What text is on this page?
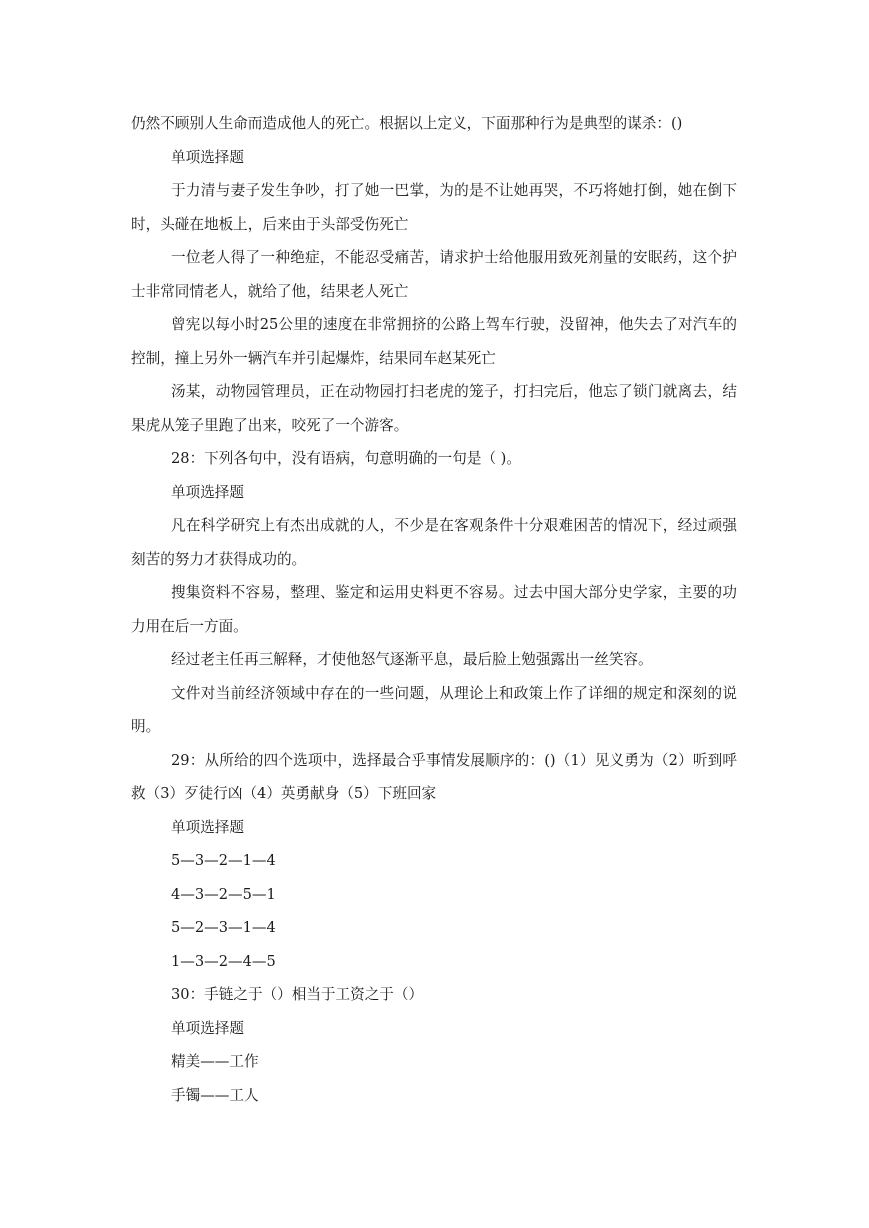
仍然不顾别人生命而造成他人的死亡。根据以上定义，下面那种行为是典型的谋杀：()

单项选择题

于力清与妻子发生争吵，打了她一巴掌，为的是不让她再哭，不巧将她打倒，她在倒下时，头碰在地板上，后来由于头部受伤死亡

一位老人得了一种绝症，不能忍受痛苦，请求护士给他服用致死剂量的安眠药，这个护士非常同情老人，就给了他，结果老人死亡

曾宪以每小时25公里的速度在非常拥挤的公路上驾车行驶，没留神，他失去了对汽车的控制，撞上另外一辆汽车并引起爆炸，结果同车赵某死亡

汤某，动物园管理员，正在动物园打扫老虎的笼子，打扫完后，他忘了锁门就离去，结果虎从笼子里跑了出来，咬死了一个游客。

28：下列各句中，没有语病，句意明确的一句是（ )。

单项选择题

凡在科学研究上有杰出成就的人，不少是在客观条件十分艰难困苦的情况下，经过顽强刻苦的努力才获得成功的。

搜集资料不容易，整理、鉴定和运用史料更不容易。过去中国大部分史学家，主要的功力用在后一方面。

经过老主任再三解释，才使他怒气逐渐平息，最后脸上勉强露出一丝笑容。

文件对当前经济领域中存在的一些问题，从理论上和政策上作了详细的规定和深刻的说明。

29：从所给的四个选项中，选择最合乎事情发展顺序的：()（1）见义勇为（2）听到呼救（3）歹徒行凶（4）英勇献身（5）下班回家

单项选择题

5—3—2—1—4

4—3—2—5—1

5—2—3—1—4

1—3—2—4—5

30：手链之于（）相当于工资之于（）

单项选择题

精美——工作

手镯——工人
